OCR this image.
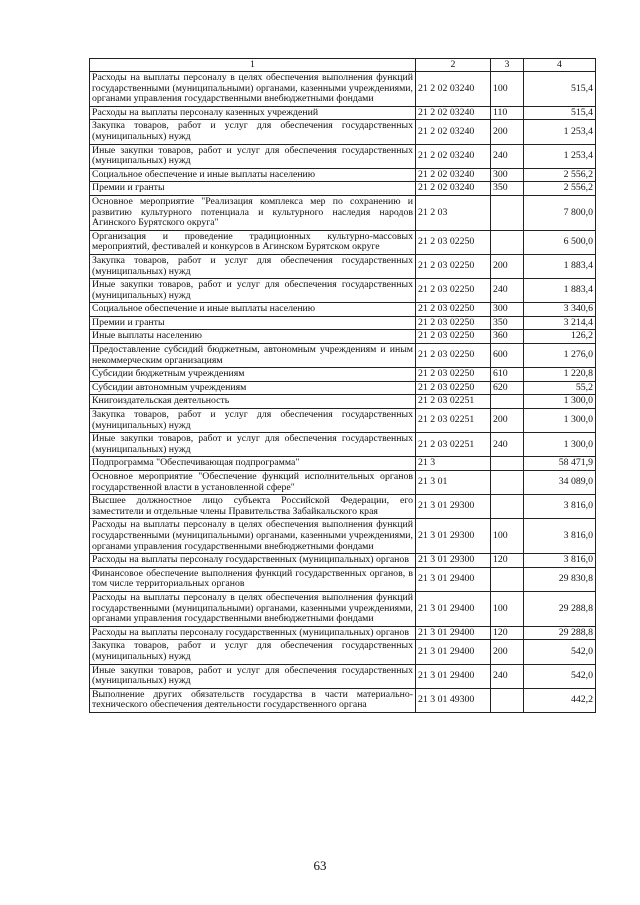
1	2	3	4
Расходы на выплаты персоналу в целях обеспечения выполнения функций государственными (муниципальными) органами, казенными учреждениями, органами управления государственными внебюджетными фондами	21 2 02 03240	100	515,4
Расходы на выплаты персоналу казенных учреждений	21 2 02 03240	110	515,4
Закупка товаров, работ и услуг для обеспечения государственных (муниципальных) нужд	21 2 02 03240	200	1 253,4
Иные закупки товаров, работ и услуг для обеспечения государственных (муниципальных) нужд	21 2 02 03240	240	1 253,4
Социальное обеспечение и иные выплаты населению	21 2 02 03240	300	2 556,2
Премии и гранты	21 2 02 03240	350	2 556,2
Основное мероприятие "Реализация комплекса мер по сохранению и развитию культурного потенциала и культурного наследия народов Агинского Бурятского округа"	21 2 03		7 800,0
Организация и проведение традиционных культурно-массовых мероприятий, фестивалей и конкурсов в Агинском Бурятском округе	21 2 03 02250		6 500,0
Закупка товаров, работ и услуг для обеспечения государственных (муниципальных) нужд	21 2 03 02250	200	1 883,4
Иные закупки товаров, работ и услуг для обеспечения государственных (муниципальных) нужд	21 2 03 02250	240	1 883,4
Социальное обеспечение и иные выплаты населению	21 2 03 02250	300	3 340,6
Премии и гранты	21 2 03 02250	350	3 214,4
Иные выплаты населению	21 2 03 02250	360	126,2
Предоставление субсидий бюджетным, автономным учреждениям и иным некоммерческим организациям	21 2 03 02250	600	1 276,0
Субсидии бюджетным учреждениям	21 2 03 02250	610	1 220,8
Субсидии автономным учреждениям	21 2 03 02250	620	55,2
Книгоиздательская деятельность	21 2 03 02251		1 300,0
Закупка товаров, работ и услуг для обеспечения государственных (муниципальных) нужд	21 2 03 02251	200	1 300,0
Иные закупки товаров, работ и услуг для обеспечения государственных (муниципальных) нужд	21 2 03 02251	240	1 300,0
Подпрограмма "Обеспечивающая подпрограмма"	21 3		58 471,9
Основное мероприятие "Обеспечение функций исполнительных органов государственной власти в установленной сфере"	21 3 01		34 089,0
Высшее должностное лицо субъекта Российской Федерации, его заместители и отдельные члены Правительства Забайкальского края	21 3 01 29300		3 816,0
Расходы на выплаты персоналу в целях обеспечения выполнения функций государственными (муниципальными) органами, казенными учреждениями, органами управления государственными внебюджетными фондами	21 3 01 29300	100	3 816,0
Расходы на выплаты персоналу государственных (муниципальных) органов	21 3 01 29300	120	3 816,0
Финансовое обеспечение выполнения функций государственных органов, в том числе территориальных органов	21 3 01 29400		29 830,8
Расходы на выплаты персоналу в целях обеспечения выполнения функций государственными (муниципальными) органами, казенными учреждениями, органами управления государственными внебюджетными фондами	21 3 01 29400	100	29 288,8
Расходы на выплаты персоналу государственных (муниципальных) органов	21 3 01 29400	120	29 288,8
Закупка товаров, работ и услуг для обеспечения государственных (муниципальных) нужд	21 3 01 29400	200	542,0
Иные закупки товаров, работ и услуг для обеспечения государственных (муниципальных) нужд	21 3 01 29400	240	542,0
Выполнение других обязательств государства в части материально-технического обеспечения деятельности государственного органа	21 3 01 49300		442,2
63
